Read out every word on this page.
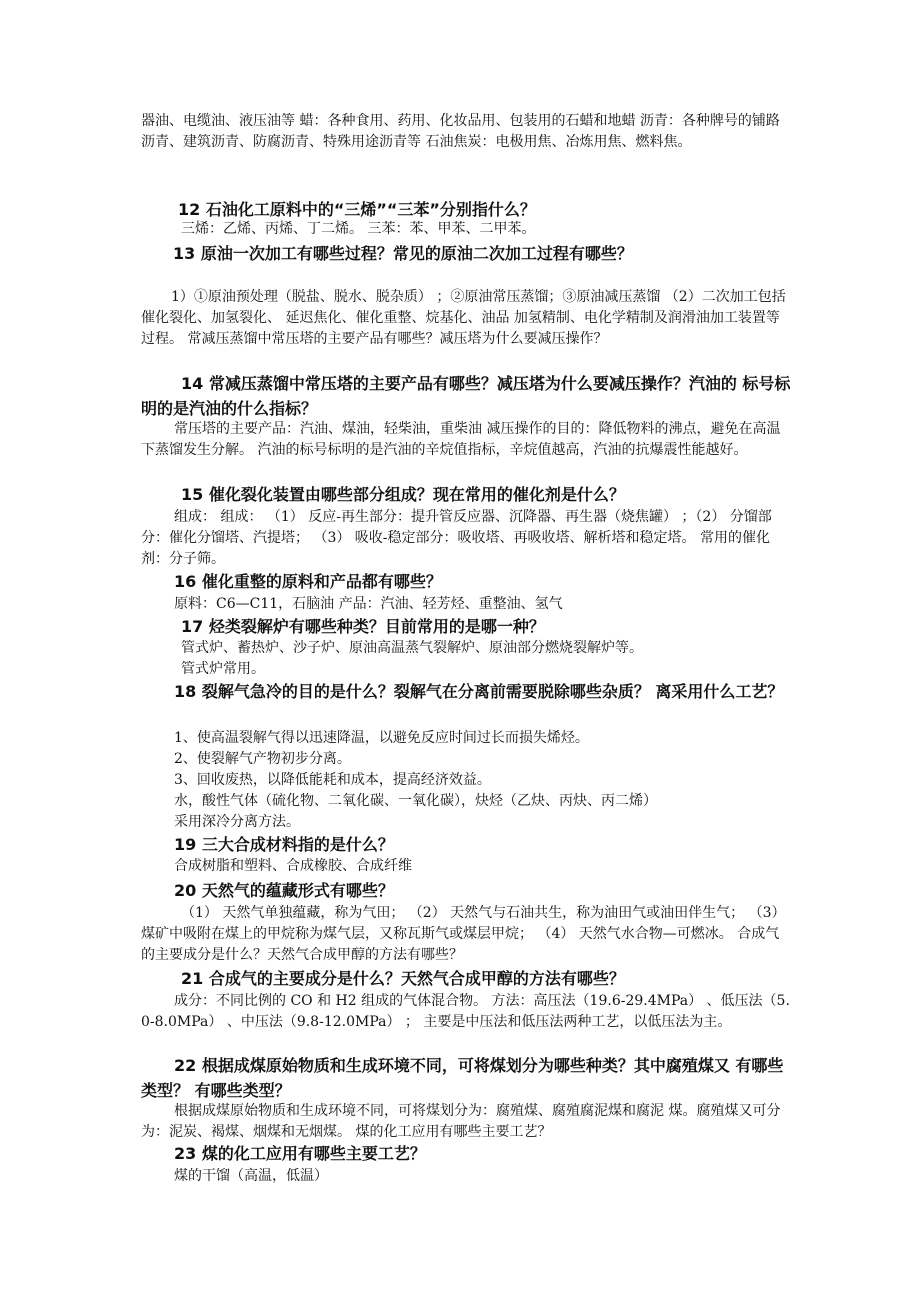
器油、电缆油、液压油等 蜡：各种食用、药用、化妆品用、包装用的石蜡和地蜡 沥青：各种牌号的铺路沥青、建筑沥青、防腐沥青、特殊用途沥青等 石油焦炭：电极用焦、冶炼用焦、燃料焦。

12 石油化工原料中的“三烯”“三苯”分别指什么？

三烯：乙烯、丙烯、丁二烯。 三苯：苯、甲苯、二甲苯。

13 原油一次加工有哪些过程？常见的原油二次加工过程有哪些？

1）①原油预处理（脱盐、脱水、脱杂质） ；②原油常压蒸馏；③原油减压蒸馏 （2）二次加工包括催化裂化、加氢裂化、 延迟焦化、催化重整、烷基化、油品 加氢精制、电化学精制及润滑油加工装置等过程。 常减压蒸馏中常压塔的主要产品有哪些？减压塔为什么要减压操作？

14 常减压蒸馏中常压塔的主要产品有哪些？减压塔为什么要减压操作？汽油的 标号标明的是汽油的什么指标？

常压塔的主要产品：汽油、煤油，轻柴油，重柴油 减压操作的目的：降低物料的沸点，避免在高温下蒸馏发生分解。 汽油的标号标明的是汽油的辛烷值指标，辛烷值越高，汽油的抗爆震性能越好。

15 催化裂化装置由哪些部分组成？现在常用的催化剂是什么？

组成： 组成： （1） 反应-再生部分：提升管反应器、沉降器、再生器（烧焦罐） ；（2） 分馏部分：催化分馏塔、汽提塔； （3） 吸收-稳定部分：吸收塔、再吸收塔、解析塔和稳定塔。 常用的催化剂：分子筛。

16 催化重整的原料和产品都有哪些？

原料：C6—C11，石脑油 产品：汽油、轻芳烃、重整油、氢气

17 烃类裂解炉有哪些种类？目前常用的是哪一种？

管式炉、蓄热炉、沙子炉、原油高温蒸气裂解炉、原油部分燃烧裂解炉等。

管式炉常用。

18 裂解气急冷的目的是什么？裂解气在分离前需要脱除哪些杂质？ 离采用什么工艺？

1、使高温裂解气得以迅速降温，以避免反应时间过长而损失烯烃。

2、使裂解气产物初步分离。

3、回收废热，以降低能耗和成本，提高经济效益。

水，酸性气体（硫化物、二氧化碳、一氧化碳），炔烃（乙炔、丙炔、丙二烯）

采用深冷分离方法。

19 三大合成材料指的是什么？

合成树脂和塑料、合成橡胶、合成纤维

20 天然气的蕴藏形式有哪些？

（1） 天然气单独蕴藏，称为气田； （2） 天然气与石油共生，称为油田气或油田伴生气； （3） 煤矿中吸附在煤上的甲烷称为煤气层，又称瓦斯气或煤层甲烷； （4） 天然气水合物—可燃冰。 合成气的主要成分是什么？天然气合成甲醇的方法有哪些？

21 合成气的主要成分是什么？天然气合成甲醇的方法有哪些？

成分：不同比例的 CO 和 H2 组成的气体混合物。 方法：高压法（19.6-29.4MPa） 、低压法（5.0-8.0MPa） 、中压法（9.8-12.0MPa） ； 主要是中压法和低压法两种工艺，以低压法为主。

22 根据成煤原始物质和生成环境不同，可将煤划分为哪些种类？其中腐殖煤又 有哪些类型？ 有哪些类型？

根据成煤原始物质和生成环境不同，可将煤划分为：腐殖煤、腐殖腐泥煤和腐泥 煤。腐殖煤又可分为：泥炭、褐煤、烟煤和无烟煤。 煤的化工应用有哪些主要工艺？

23 煤的化工应用有哪些主要工艺？

煤的干馏（高温，低温）
